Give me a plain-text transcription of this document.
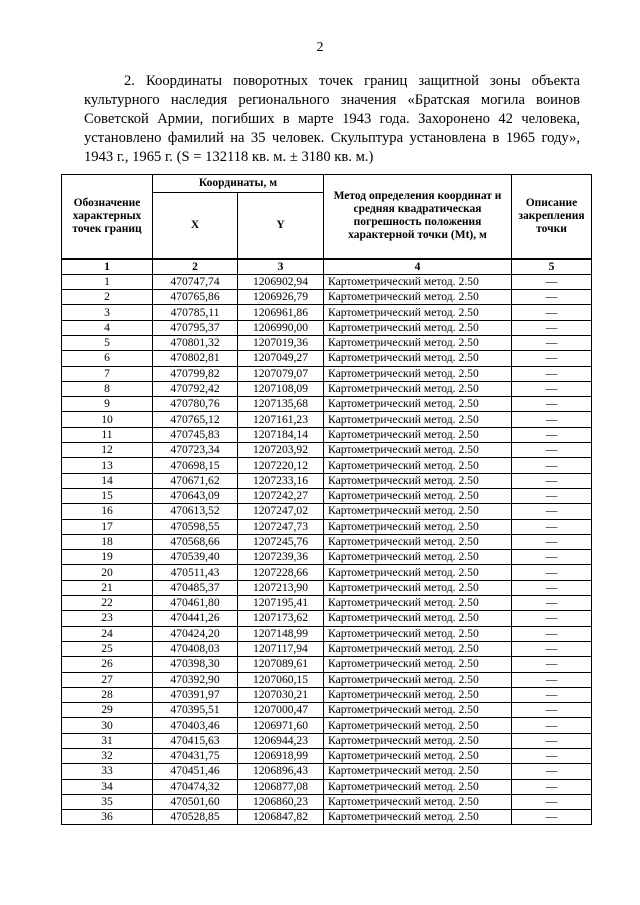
2

2. Координаты поворотных точек границ защитной зоны объекта культурного наследия регионального значения «Братская могила воинов Советской Армии, погибших в марте 1943 года. Захоронено 42 человека, установлено фамилий на 35 человек. Скульптура установлена в 1965 году», 1943 г., 1965 г. (S = 132118 кв. м. ± 3180 кв. м.)

Обозначение характерных точек границ	Координаты, м		Метод определения координат и средняя квадратическая погрешность положения характерной точки (Mt), м	Описание закрепления точки
	X	Y		
1	2	3	4	5
1	470747,74	1206902,94	Картометрический метод. 2.50	—
2	470765,86	1206926,79	Картометрический метод. 2.50	—
3	470785,11	1206961,86	Картометрический метод. 2.50	—
4	470795,37	1206990,00	Картометрический метод. 2.50	—
5	470801,32	1207019,36	Картометрический метод. 2.50	—
6	470802,81	1207049,27	Картометрический метод. 2.50	—
7	470799,82	1207079,07	Картометрический метод. 2.50	—
8	470792,42	1207108,09	Картометрический метод. 2.50	—
9	470780,76	1207135,68	Картометрический метод. 2.50	—
10	470765,12	1207161,23	Картометрический метод. 2.50	—
11	470745,83	1207184,14	Картометрический метод. 2.50	—
12	470723,34	1207203,92	Картометрический метод. 2.50	—
13	470698,15	1207220,12	Картометрический метод. 2.50	—
14	470671,62	1207233,16	Картометрический метод. 2.50	—
15	470643,09	1207242,27	Картометрический метод. 2.50	—
16	470613,52	1207247,02	Картометрический метод. 2.50	—
17	470598,55	1207247,73	Картометрический метод. 2.50	—
18	470568,66	1207245,76	Картометрический метод. 2.50	—
19	470539,40	1207239,36	Картометрический метод. 2.50	—
20	470511,43	1207228,66	Картометрический метод. 2.50	—
21	470485,37	1207213,90	Картометрический метод. 2.50	—
22	470461,80	1207195,41	Картометрический метод. 2.50	—
23	470441,26	1207173,62	Картометрический метод. 2.50	—
24	470424,20	1207148,99	Картометрический метод. 2.50	—
25	470408,03	1207117,94	Картометрический метод. 2.50	—
26	470398,30	1207089,61	Картометрический метод. 2.50	—
27	470392,90	1207060,15	Картометрический метод. 2.50	—
28	470391,97	1207030,21	Картометрический метод. 2.50	—
29	470395,51	1207000,47	Картометрический метод. 2.50	—
30	470403,46	1206971,60	Картометрический метод. 2.50	—
31	470415,63	1206944,23	Картометрический метод. 2.50	—
32	470431,75	1206918,99	Картометрический метод. 2.50	—
33	470451,46	1206896,43	Картометрический метод. 2.50	—
34	470474,32	1206877,08	Картометрический метод. 2.50	—
35	470501,60	1206860,23	Картометрический метод. 2.50	—
36	470528,85	1206847,82	Картометрический метод. 2.50	—
